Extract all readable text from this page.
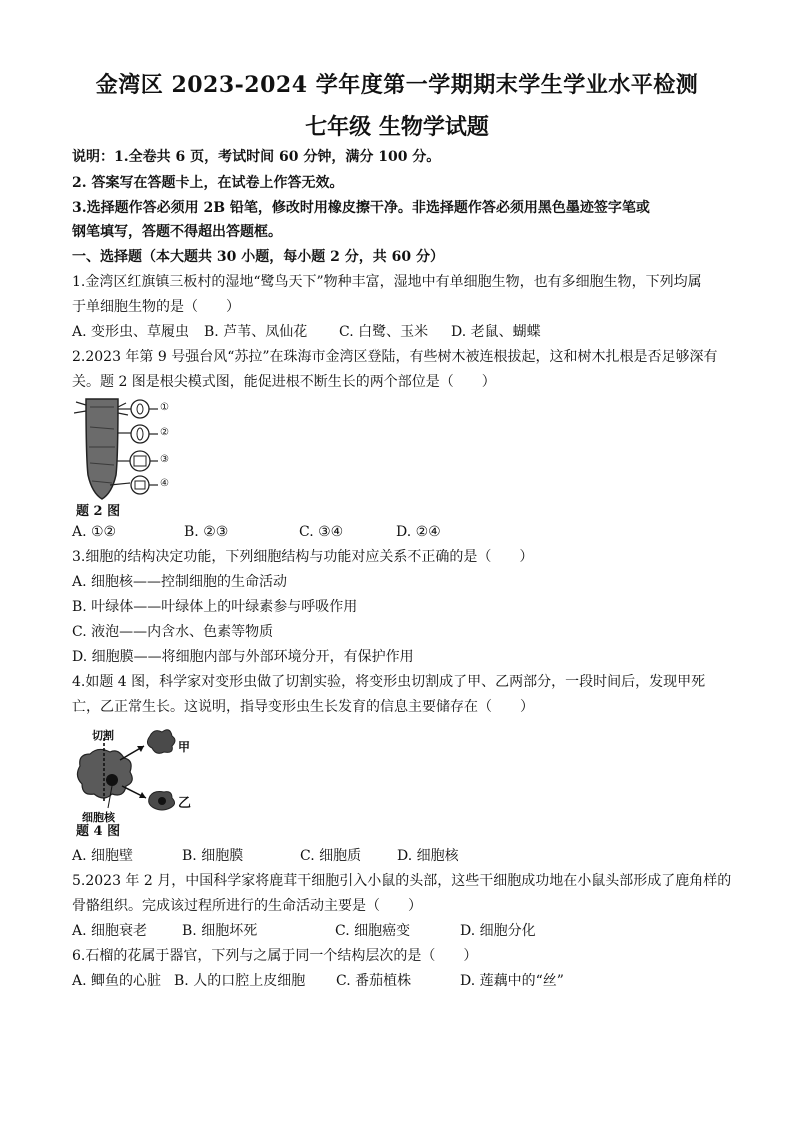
金湾区 2023-2024 学年度第一学期期末学生学业水平检测
七年级 生物学试题
说明：1.全卷共 6 页，考试时间 60 分钟，满分 100 分。
2. 答案写在答题卡上，在试卷上作答无效。
3.选择题作答必须用 2B 铅笔，修改时用橡皮擦干净。非选择题作答必须用黑色墨迹签字笔或
钢笔填写，答题不得超出答题框。
一、选择题（本大题共 30 小题，每小题 2 分，共 60 分）
1.金湾区红旗镇三板村的湿地“鹭鸟天下”物种丰富，湿地中有单细胞生物，也有多细胞生物，下列均属
于单细胞生物的是（　　）
A. 变形虫、草履虫 B. 芦苇、凤仙花 C. 白鹭、玉米 D. 老鼠、蝴蝶
2.2023 年第 9 号强台风“苏拉”在珠海市金湾区登陆，有些树木被连根拔起，这和树木扎根是否足够深有
关。题 2 图是根尖模式图，能促进根不断生长的两个部位是（　　）
①
②
③
④
题 2 图
A. ①②	B. ②③	C. ③④	D. ②④
3.细胞的结构决定功能，下列细胞结构与功能对应关系不正确的是（　　）
A. 细胞核——控制细胞的生命活动
B. 叶绿体——叶绿体上的叶绿素参与呼吸作用
C. 液泡——内含水、色素等物质
D. 细胞膜——将细胞内部与外部环境分开，有保护作用
4.如题 4 图，科学家对变形虫做了切割实验，将变形虫切割成了甲、乙两部分，一段时间后，发现甲死
亡，乙正常生长。这说明，指导变形虫生长发育的信息主要储存在（　　）
切割
甲
乙
细胞核
题 4 图
A. 细胞壁	B. 细胞膜	C. 细胞质	D. 细胞核
5.2023 年 2 月，中国科学家将鹿茸干细胞引入小鼠的头部，这些干细胞成功地在小鼠头部形成了鹿角样的
骨骼组织。完成该过程所进行的生命活动主要是（　　）
A. 细胞衰老 B. 细胞坏死	C. 细胞癌变	D. 细胞分化
6.石榴的花属于器官，下列与之属于同一个结构层次的是（　　）
A. 鲫鱼的心脏 B. 人的口腔上皮细胞 C. 番茄植株	D. 莲藕中的“丝”
